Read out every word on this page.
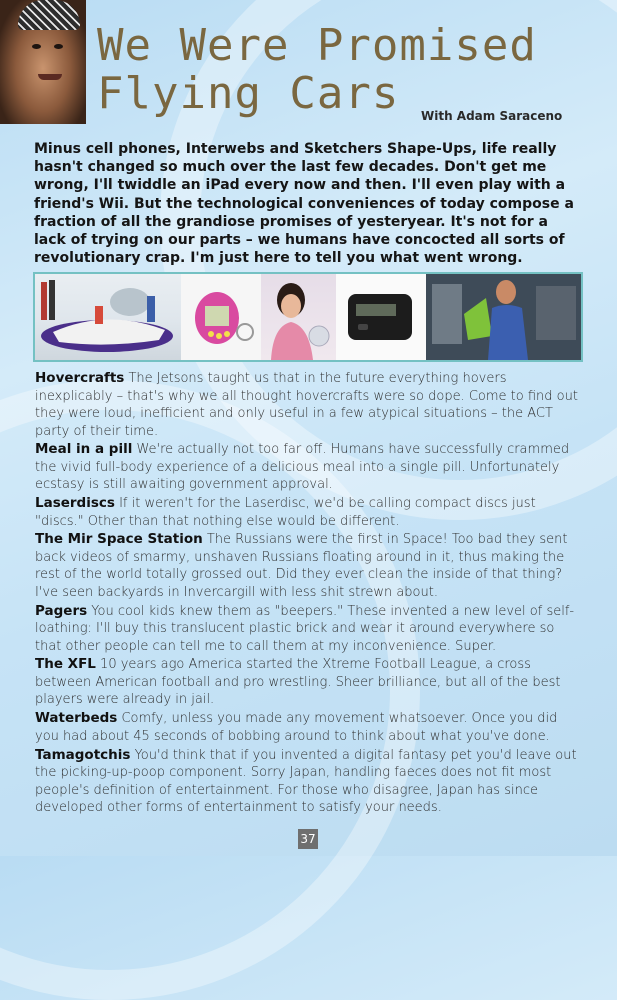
We Were Promised
Flying Cars	With Adam Saraceno

Minus cell phones, Interwebs and Sketchers Shape-Ups, life really hasn't changed so much over the last few decades. Don't get me wrong, I'll twiddle an iPad every now and then. I'll even play with a friend's Wii. But the technological conveniences of today compose a fraction of all the grandiose promises of yesteryear. It's not for a lack of trying on our parts – we humans have concocted all sorts of revolutionary crap. I'm just here to tell you what went wrong.

Hovercrafts The Jetsons taught us that in the future everything hovers inexplicably – that's why we all thought hovercrafts were so dope. Come to find out they were loud, inefficient and only useful in a few atypical situations – the ACT party of their time.
Meal in a pill We're actually not too far off. Humans have successfully crammed the vivid full-body experience of a delicious meal into a single pill. Unfortunately ecstasy is still awaiting government approval.
Laserdiscs If it weren't for the Laserdisc, we'd be calling compact discs just "discs." Other than that nothing else would be different.
The Mir Space Station The Russians were the first in Space! Too bad they sent back videos of smarmy, unshaven Russians floating around in it, thus making the rest of the world totally grossed out. Did they ever clean the inside of that thing? I've seen backyards in Invercargill with less shit strewn about.
Pagers You cool kids knew them as "beepers." These invented a new level of self-loathing: I'll buy this translucent plastic brick and wear it around everywhere so that other people can tell me to call them at my inconvenience. Super.
The XFL 10 years ago America started the Xtreme Football League, a cross between American football and pro wrestling. Sheer brilliance, but all of the best players were already in jail.
Waterbeds Comfy, unless you made any movement whatsoever. Once you did you had about 45 seconds of bobbing around to think about what you've done.
Tamagotchis You'd think that if you invented a digital fantasy pet you'd leave out the picking-up-poop component. Sorry Japan, handling faeces does not fit most people's definition of entertainment. For those who disagree, Japan has since developed other forms of entertainment to satisfy your needs.
37
